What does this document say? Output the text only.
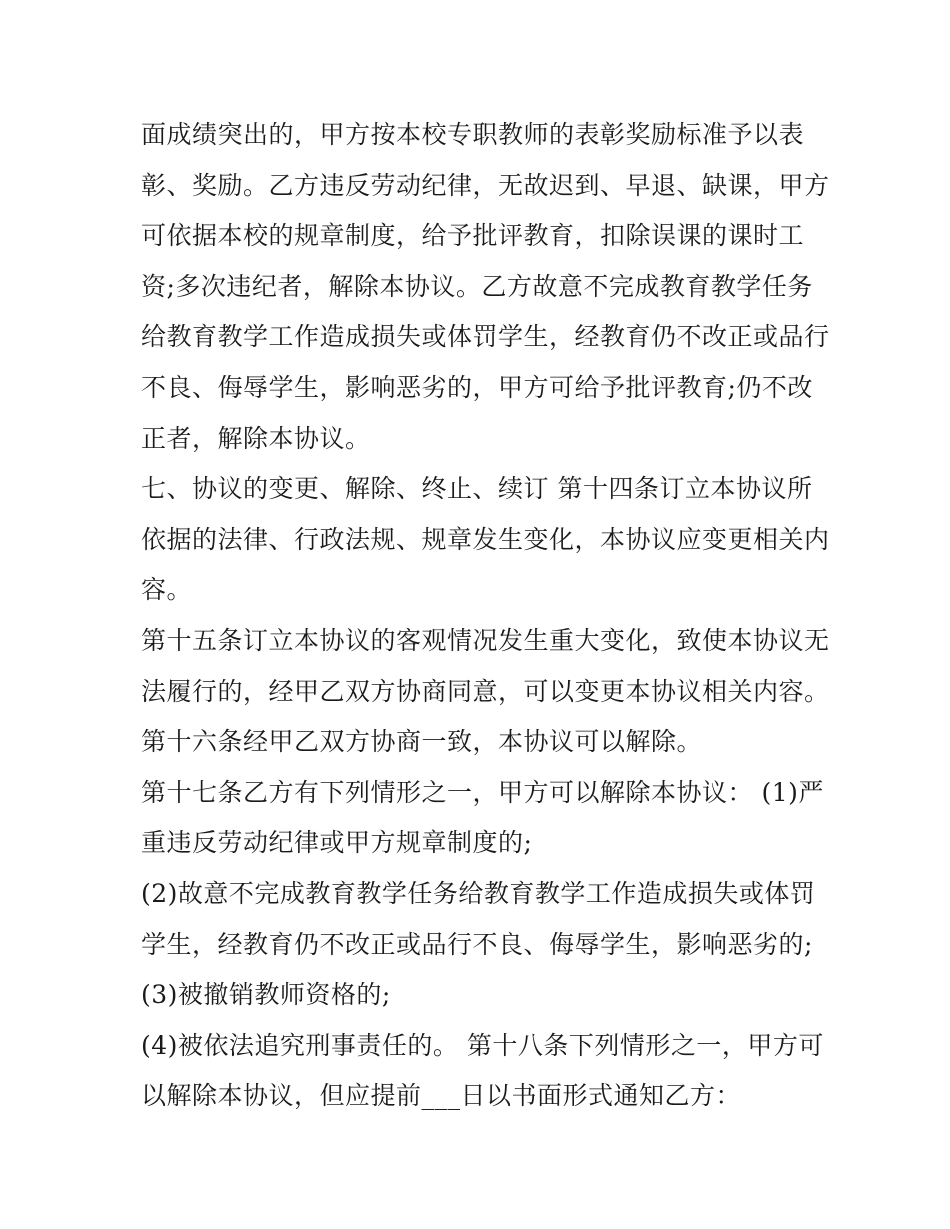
面成绩突出的，甲方按本校专职教师的表彰奖励标准予以表
彰、奖励。乙方违反劳动纪律，无故迟到、早退、缺课，甲方
可依据本校的规章制度，给予批评教育，扣除误课的课时工
资;多次违纪者，解除本协议。乙方故意不完成教育教学任务
给教育教学工作造成损失或体罚学生，经教育仍不改正或品行
不良、侮辱学生，影响恶劣的，甲方可给予批评教育;仍不改
正者，解除本协议。
七、协议的变更、解除、终止、续订 第十四条订立本协议所
依据的法律、行政法规、规章发生变化，本协议应变更相关内
容。
第十五条订立本协议的客观情况发生重大变化，致使本协议无
法履行的，经甲乙双方协商同意，可以变更本协议相关内容。
第十六条经甲乙双方协商一致，本协议可以解除。
第十七条乙方有下列情形之一，甲方可以解除本协议： (1)严
重违反劳动纪律或甲方规章制度的;
(2)故意不完成教育教学任务给教育教学工作造成损失或体罚
学生，经教育仍不改正或品行不良、侮辱学生，影响恶劣的;
(3)被撤销教师资格的;
(4)被依法追究刑事责任的。 第十八条下列情形之一，甲方可
以解除本协议，但应提前___日以书面形式通知乙方：
